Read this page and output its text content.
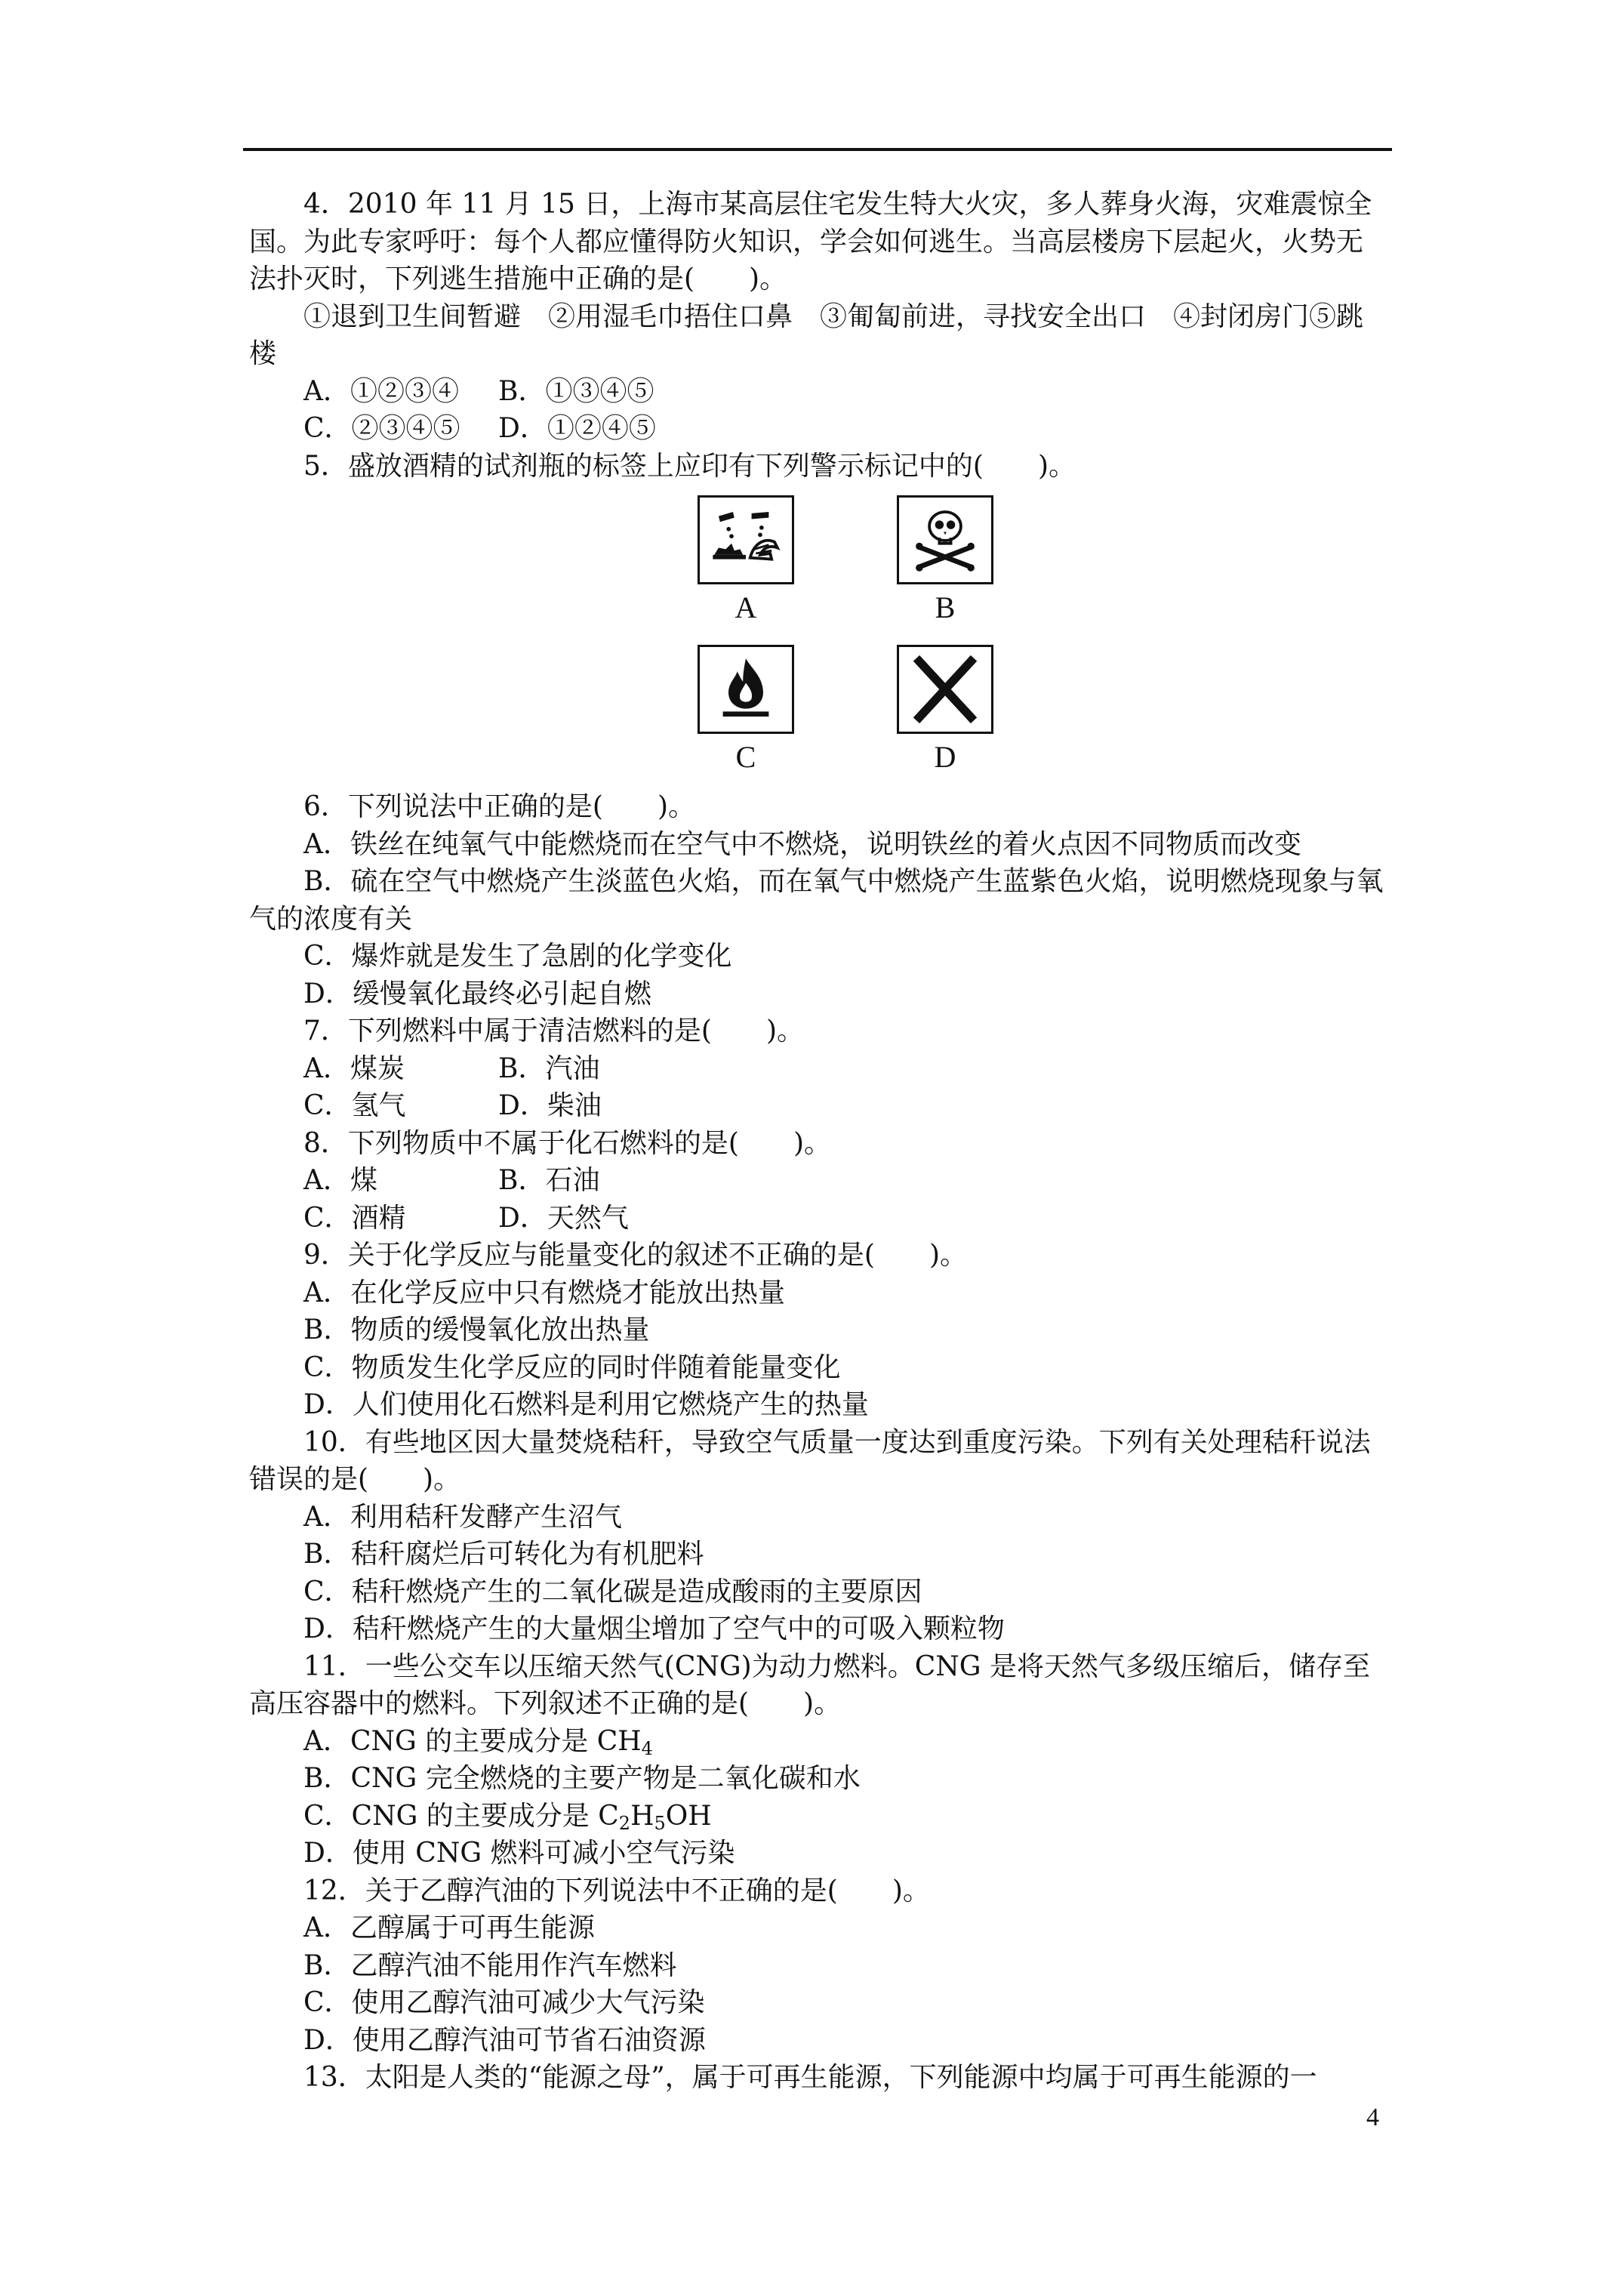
4．2010 年 11 月 15 日，上海市某高层住宅发生特大火灾，多人葬身火海，灾难震惊全国。为此专家呼吁：每个人都应懂得防火知识，学会如何逃生。当高层楼房下层起火，火势无法扑灭时，下列逃生措施中正确的是(　　)。

①退到卫生间暂避　②用湿毛巾捂住口鼻　③匍匐前进，寻找安全出口　④封闭房门⑤跳楼

A．①②③④	B．①③④⑤
C．②③④⑤	D．①②④⑤

5．盛放酒精的试剂瓶的标签上应印有下列警示标记中的(　　)。

A	B
C	D

6．下列说法中正确的是(　　)。

A．铁丝在纯氧气中能燃烧而在空气中不燃烧，说明铁丝的着火点因不同物质而改变

B．硫在空气中燃烧产生淡蓝色火焰，而在氧气中燃烧产生蓝紫色火焰，说明燃烧现象与氧气的浓度有关

C．爆炸就是发生了急剧的化学变化

D．缓慢氧化最终必引起自燃

7．下列燃料中属于清洁燃料的是(　　)。

A．煤炭	B．汽油
C．氢气	D．柴油

8．下列物质中不属于化石燃料的是(　　)。

A．煤	B．石油
C．酒精	D．天然气

9．关于化学反应与能量变化的叙述不正确的是(　　)。

A．在化学反应中只有燃烧才能放出热量

B．物质的缓慢氧化放出热量

C．物质发生化学反应的同时伴随着能量变化

D．人们使用化石燃料是利用它燃烧产生的热量

10．有些地区因大量焚烧秸秆，导致空气质量一度达到重度污染。下列有关处理秸秆说法错误的是(　　)。

A．利用秸秆发酵产生沼气

B．秸秆腐烂后可转化为有机肥料

C．秸秆燃烧产生的二氧化碳是造成酸雨的主要原因

D．秸秆燃烧产生的大量烟尘增加了空气中的可吸入颗粒物

11．一些公交车以压缩天然气(CNG)为动力燃料。CNG 是将天然气多级压缩后，储存至高压容器中的燃料。下列叙述不正确的是(　　)。

A．CNG 的主要成分是 $CH_4$

B．CNG 完全燃烧的主要产物是二氧化碳和水

C．CNG 的主要成分是 $C_2H_5OH$

D．使用 CNG 燃料可减小空气污染

12．关于乙醇汽油的下列说法中不正确的是(　　)。

A．乙醇属于可再生能源

B．乙醇汽油不能用作汽车燃料

C．使用乙醇汽油可减少大气污染

D．使用乙醇汽油可节省石油资源

13．太阳是人类的“能源之母”，属于可再生能源，下列能源中均属于可再生能源的一

4
